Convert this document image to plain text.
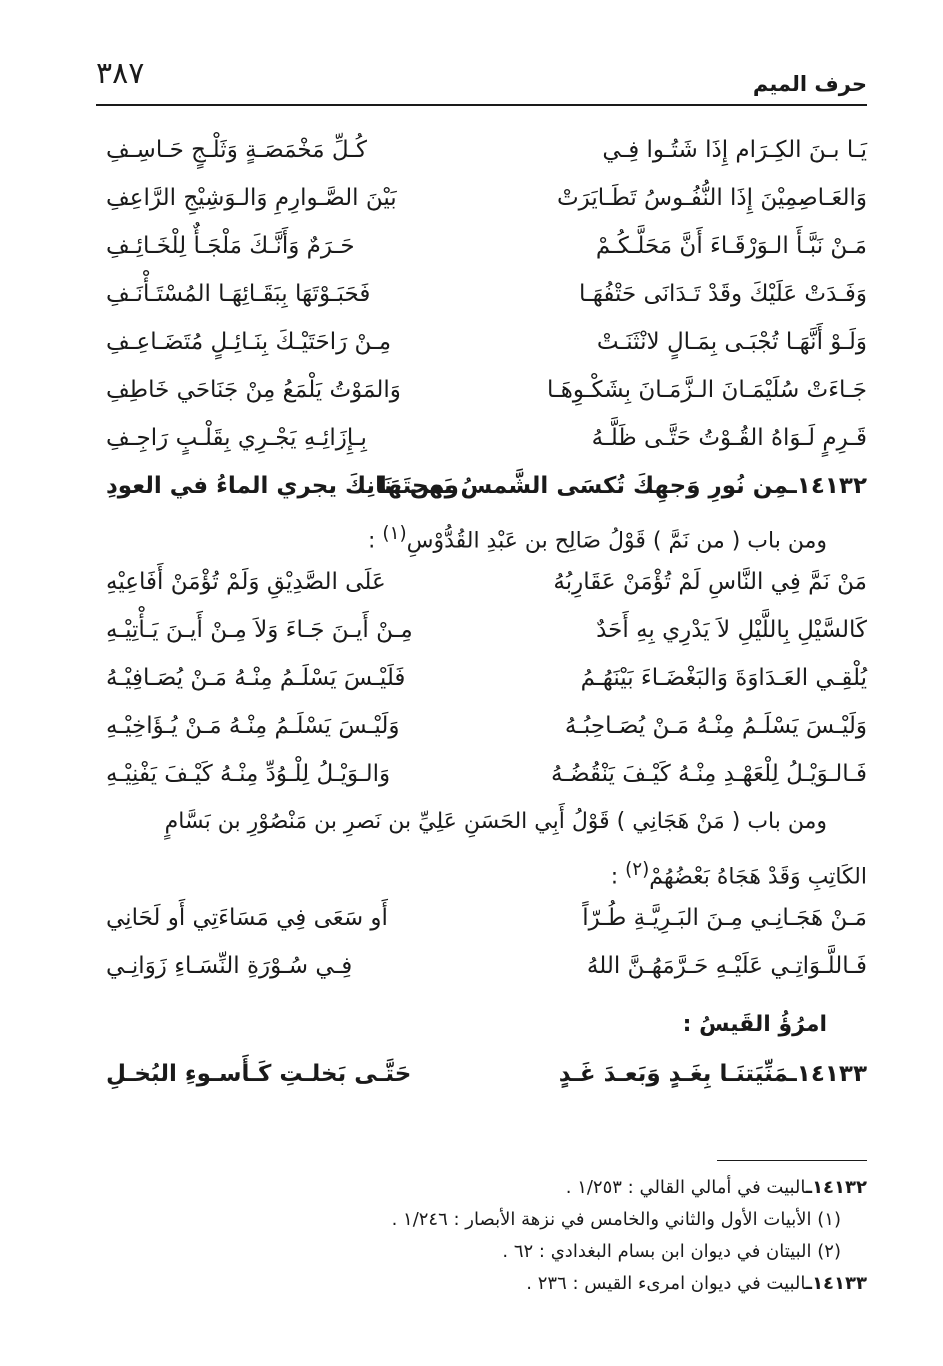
٣٨٧	حرف الميم
يَـا بـنَ الكِـرَام إِذَا شَتُـوا فِـي
كُـلِّ مَخْمَصَـةٍ وَثَلْـجٍ حَـاسِـفِ
وَالعَـاصِمِيْنَ إِذَا النُّفُـوسُ تَطَـايَرَتْ
بَيْنَ الصَّـوارِمِ وَالـوَشِيْجِ الرَّاعِفِ
مَـنْ نَبَّـأَ الـوَرْقَـاءَ أَنَّ مَحَلَّـكُـمْ
حَـرَمٌ وَأَنَّـكَ مَلْجَـأٌ لِلْخَـائِـفِ
وَفَـدَتْ عَلَيْكَ وقَدْ تَـدَانَى حَتْفُهَـا
فَحَبَـوْتَهَا بِبَقَـائِهَـا المُسْتَـأْنَـفِ
وَلَـوْ أَنَّهَـا تُجْبَـى بِمَـالٍ لانْثَنَـتْ
مِـنْ رَاحَتَيْـكَ بِنَـائِـلٍ مُتَضَـاعِـفِ
جَـاءَتْ سُلَيْمَـانَ الـزَّمَـانَ بِشَكْـوِهَـا
وَالمَوْتُ يَلْمَعُ مِنْ جَنَاحَي خَاطِفِ
قَـرِمٍ لَـوَاهُ القُـوْتُ حَتَّـى ظَلَّـهُ
بِـإِزَائِـهِ يَجْـرِي بِقَلْـبٍ رَاجِـفِ
١٤١٣٢ـمِن نُورِ وَجهِكَ تُكسَى الشَّمسُ بَهجتَهَا
ومن بنَانِكَ يجري الماءُ في العودِ
ومن باب ( من نَمَّ ) قَوْلُ صَالِح بن عَبْدِ القُدُّوْسِ$^{(١)}$ :
مَنْ نَمَّ فِي النَّاسِ لَمْ تُؤْمَنْ عَقَارِبُهُ
عَلَى الصَّدِيْقِ وَلَمْ تُؤْمَنْ أَفَاعِيْهِ
كَالسَّيْلِ بِاللَّيْلِ لاَ يَدْرِي بِهِ أَحَدٌ
مِـنْ أَيـنَ جَـاءَ وَلاَ مِـنْ أَيـنَ يَـأْتِيْـهِ
يُلْقِـي العَـدَاوَةَ وَالبَغْضَـاءَ بَيْنَهُـمُ
فَلَيْـسَ يَسْلَـمُ مِنْـهُ مَـنْ يُصَـافِيْـهُ
وَلَيْـسَ يَسْلَـمُ مِنْـهُ مَـنْ يُصَـاحِبُـهُ
وَلَيْـسَ يَسْلَـمُ مِنْـهُ مَـنْ يُـؤَاخِيْـهِ
فَـالـوَيْـلُ لِلْعَهْـدِ مِنْـهُ كَيْـفَ يَنْقُضُـهُ
وَالـوَيْـلُ لِلْـوُدِّ مِنْـهُ كَيْـفَ يَفْنِيْـهِ
ومن باب ( مَنْ هَجَانِي ) قَوْلُ أَبِي الحَسَنِ عَلِيِّ بن نَصرِ بن مَنْصُوْرِ بن بَسَّامٍ
الكَاتِبِ وَقَدْ هَجَاهُ بَعْضُهُمْ$^{(٢)}$ :
مَـنْ هَجَـانِـي مِـنَ البَـرِيَّـةِ طُـرّاً
أَو سَعَى فِي مَسَاءَتِي أَو لَحَانِي
فَـاللَّـوَاتِـي عَلَيْـهِ حَـرَّمَهُـنَّ اللهُ
فِـي سُـوْرَةِ النِّسَـاءِ زَوَانِـي
امرُؤُ القَيسُ :
١٤١٣٣ـمَنِّيَتنَـا بِغَـدٍ وَبَعـدَ غَـدٍ
حَتَّـى بَخلـتِ كَـأَسـوءِ البُخـلِ
١٤١٣٢ـالبيت في أمالي القالي : ١/٢٥٣ .
(١) الأبيات الأول والثاني والخامس في نزهة الأبصار : ١/٢٤٦ .
(٢) البيتان في ديوان ابن بسام البغدادي : ٦٢ .
١٤١٣٣ـالبيت في ديوان امرىء القيس : ٢٣٦ .
